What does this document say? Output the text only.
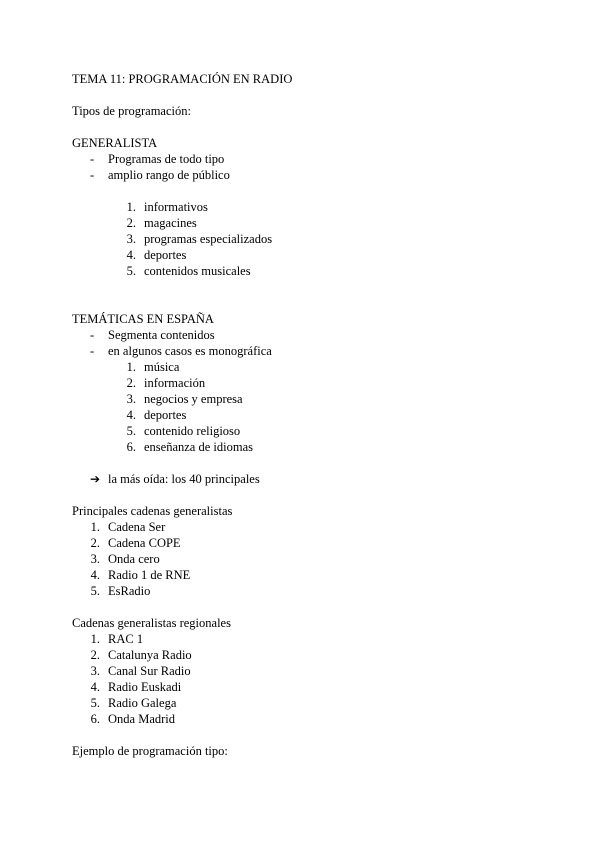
TEMA 11: PROGRAMACIÓN EN RADIO
Tipos de programación:
GENERALISTA
- Programas de todo tipo
- amplio rango de público
1. informativos
2. magacines
3. programas especializados
4. deportes
5. contenidos musicales
TEMÁTICAS EN ESPAÑA
- Segmenta contenidos
- en algunos casos es monográfica
1. música
2. información
3. negocios y empresa
4. deportes
5. contenido religioso
6. enseñanza de idiomas
➔ la más oída: los 40 principales
Principales cadenas generalistas
1. Cadena Ser
2. Cadena COPE
3. Onda cero
4. Radio 1 de RNE
5. EsRadio
Cadenas generalistas regionales
1. RAC 1
2. Catalunya Radio
3. Canal Sur Radio
4. Radio Euskadi
5. Radio Galega
6. Onda Madrid
Ejemplo de programación tipo:
